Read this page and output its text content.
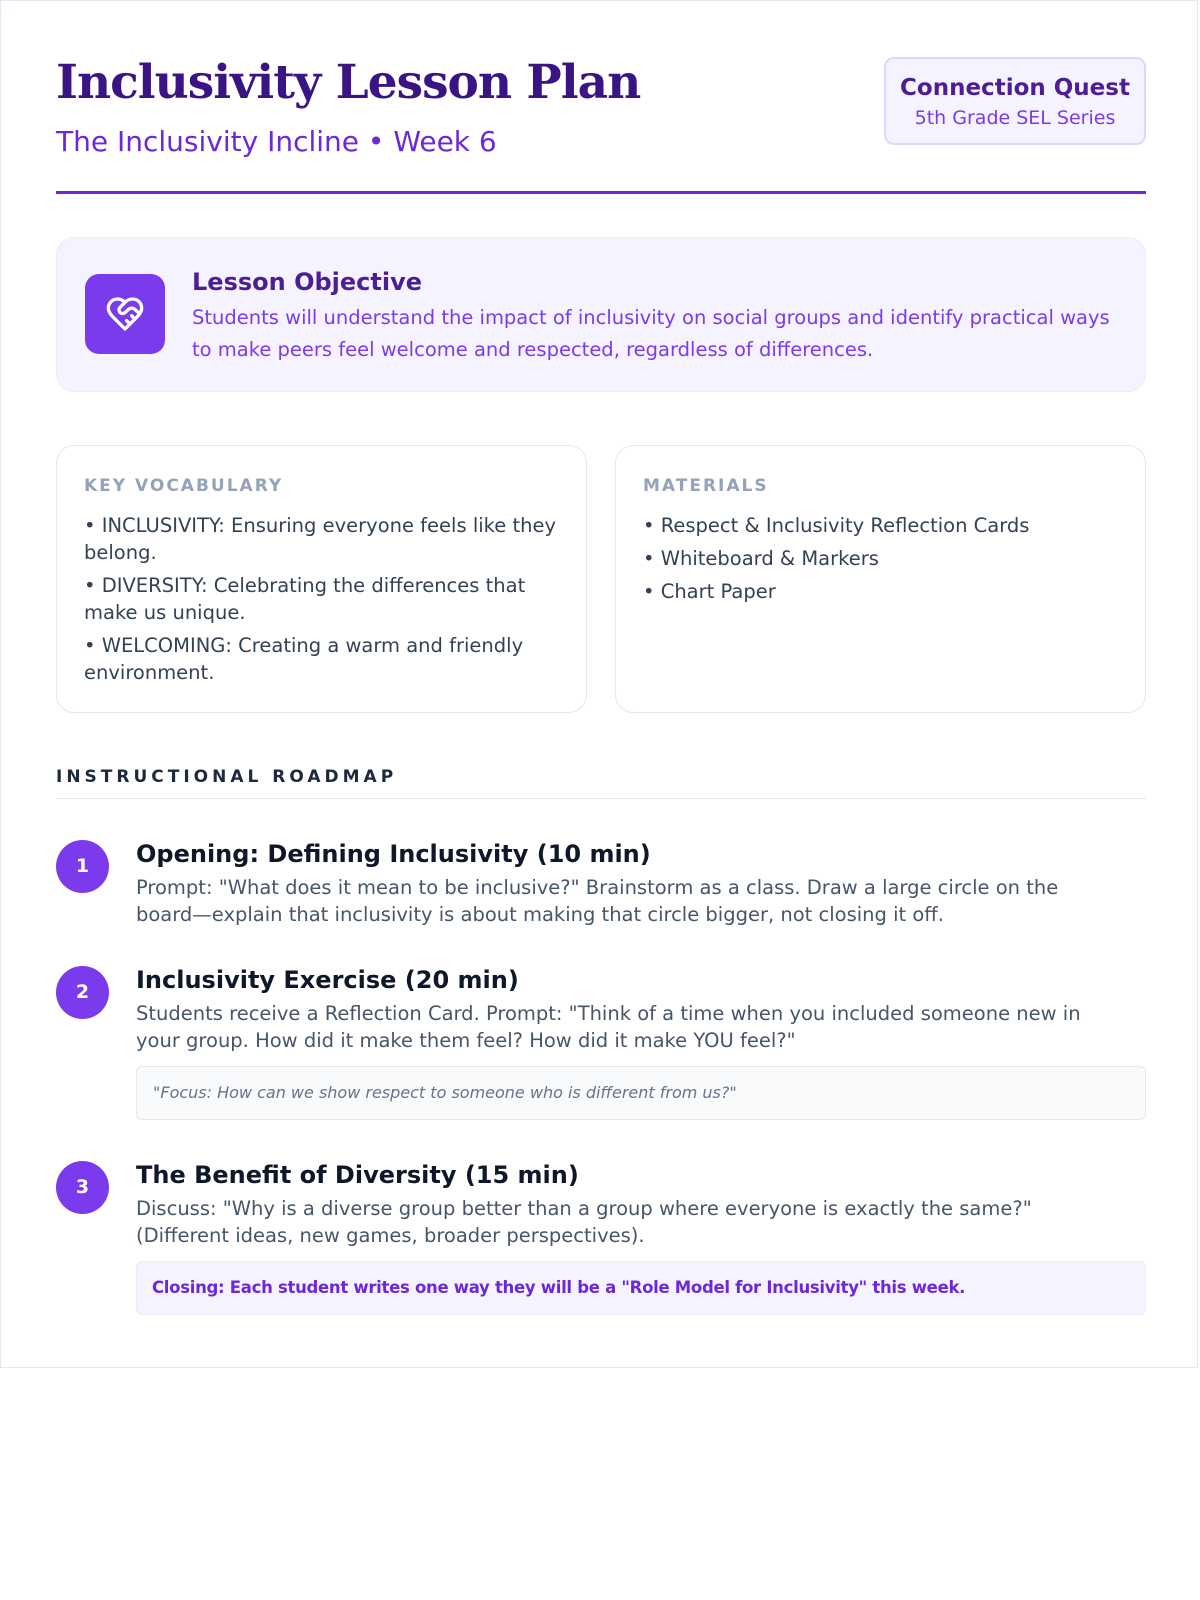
Inclusivity Lesson Plan
The Inclusivity Incline • Week 6
Connection Quest
5th Grade SEL Series
Lesson Objective
Students will understand the impact of inclusivity on social groups and identify practical ways to make peers feel welcome and respected, regardless of differences.
KEY VOCABULARY
• INCLUSIVITY: Ensuring everyone feels like they belong.
• DIVERSITY: Celebrating the differences that make us unique.
• WELCOMING: Creating a warm and friendly environment.
MATERIALS
• Respect & Inclusivity Reflection Cards
• Whiteboard & Markers
• Chart Paper
INSTRUCTIONAL ROADMAP
1	Opening: Defining Inclusivity (10 min)
Prompt: "What does it mean to be inclusive?" Brainstorm as a class. Draw a large circle on the board—explain that inclusivity is about making that circle bigger, not closing it off.
2	Inclusivity Exercise (20 min)
Students receive a Reflection Card. Prompt: "Think of a time when you included someone new in your group. How did it make them feel? How did it make YOU feel?"
"Focus: How can we show respect to someone who is different from us?"
3	The Benefit of Diversity (15 min)
Discuss: "Why is a diverse group better than a group where everyone is exactly the same?" (Different ideas, new games, broader perspectives).
Closing: Each student writes one way they will be a "Role Model for Inclusivity" this week.
